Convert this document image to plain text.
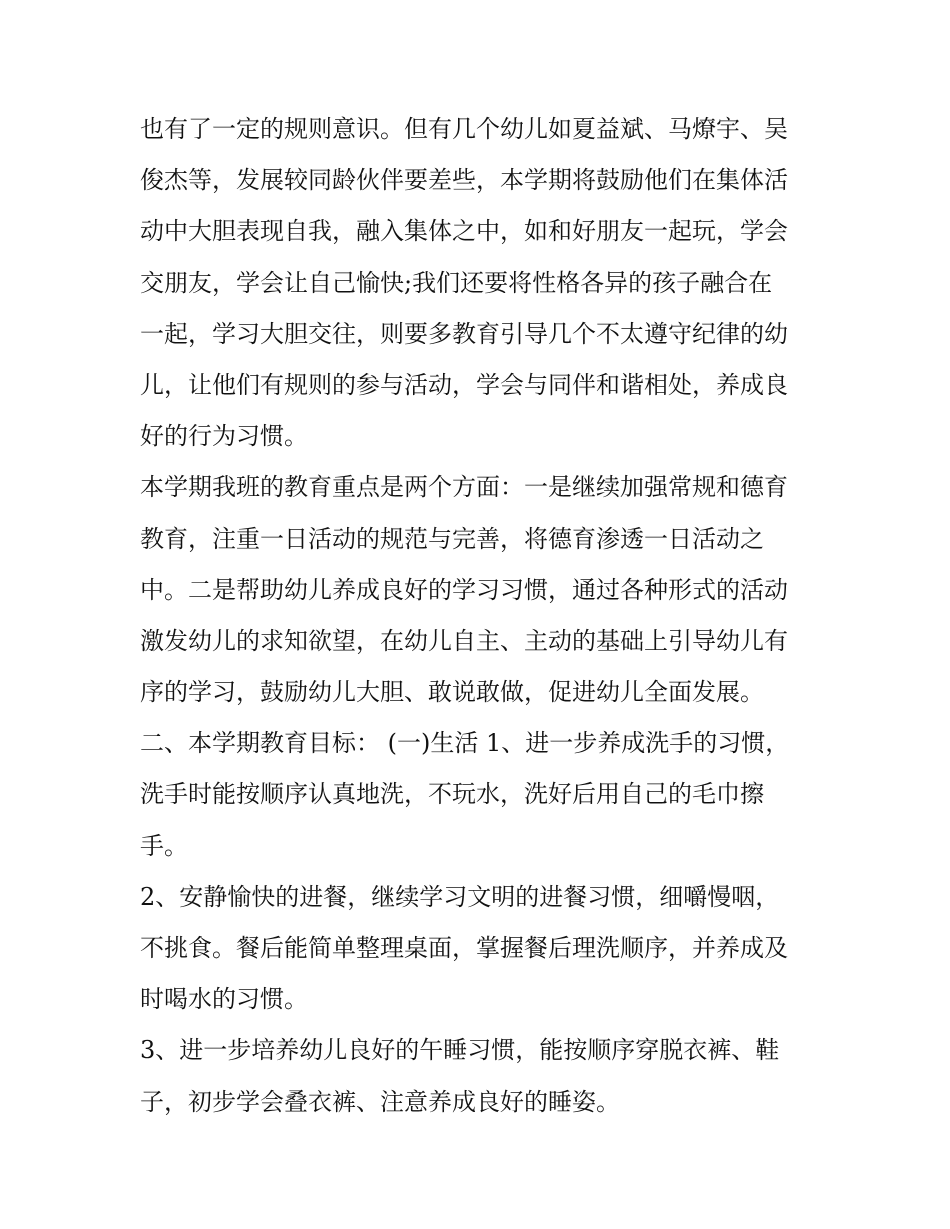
也有了一定的规则意识。但有几个幼儿如夏益斌、马燎宇、吴
俊杰等，发展较同龄伙伴要差些，本学期将鼓励他们在集体活
动中大胆表现自我，融入集体之中，如和好朋友一起玩，学会
交朋友，学会让自己愉快;我们还要将性格各异的孩子融合在
一起，学习大胆交往，则要多教育引导几个不太遵守纪律的幼
儿，让他们有规则的参与活动，学会与同伴和谐相处，养成良
好的行为习惯。
本学期我班的教育重点是两个方面：一是继续加强常规和德育
教育，注重一日活动的规范与完善，将德育渗透一日活动之
中。二是帮助幼儿养成良好的学习习惯，通过各种形式的活动
激发幼儿的求知欲望，在幼儿自主、主动的基础上引导幼儿有
序的学习，鼓励幼儿大胆、敢说敢做，促进幼儿全面发展。
二、本学期教育目标： (一)生活 1、进一步养成洗手的习惯，
洗手时能按顺序认真地洗，不玩水，洗好后用自己的毛巾擦
手。
2、安静愉快的进餐，继续学习文明的进餐习惯，细嚼慢咽，
不挑食。餐后能简单整理桌面，掌握餐后理洗顺序，并养成及
时喝水的习惯。
3、进一步培养幼儿良好的午睡习惯，能按顺序穿脱衣裤、鞋
子，初步学会叠衣裤、注意养成良好的睡姿。
